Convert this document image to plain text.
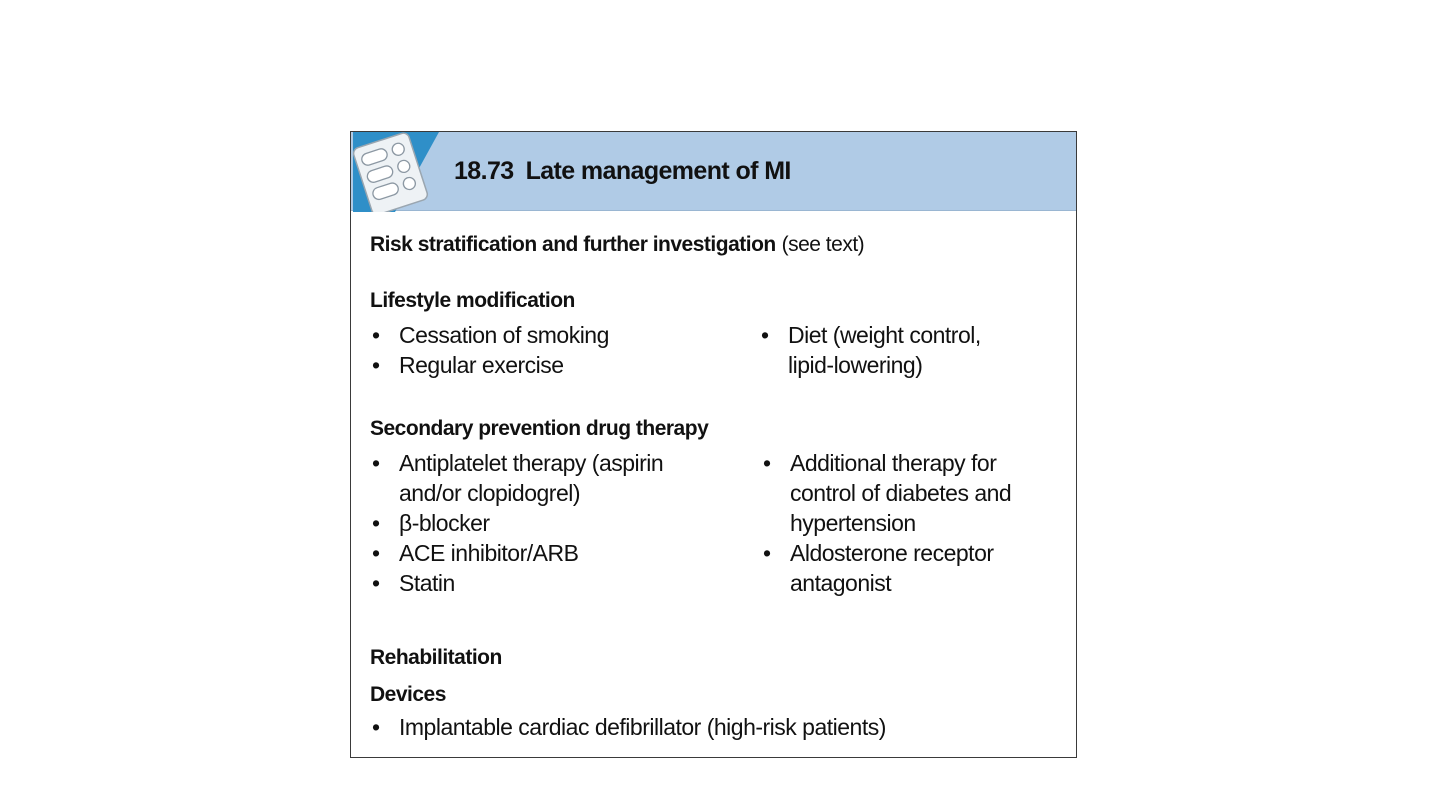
18.73 Late management of MI
Risk stratification and further investigation (see text)
Lifestyle modification
• Cessation of smoking
• Regular exercise
• Diet (weight control,
lipid-lowering)
Secondary prevention drug therapy
• Antiplatelet therapy (aspirin
and/or clopidogrel)
• β-blocker
• ACE inhibitor/ARB
• Statin
• Additional therapy for
control of diabetes and
hypertension
• Aldosterone receptor
antagonist
Rehabilitation
Devices
• Implantable cardiac defibrillator (high-risk patients)
